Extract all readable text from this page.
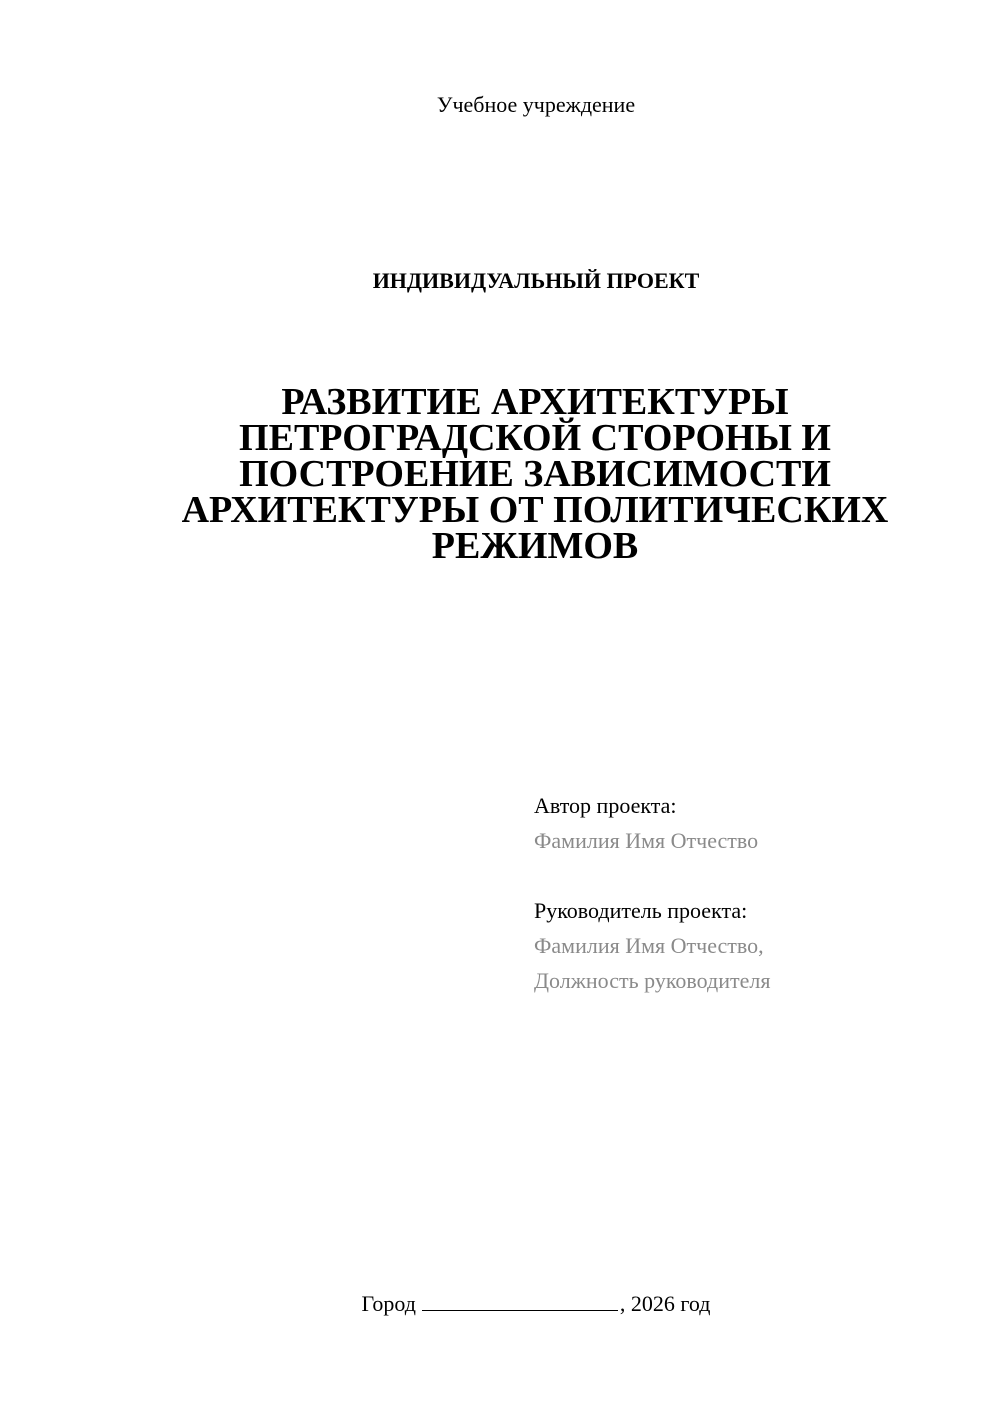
Учебное учреждение
ИНДИВИДУАЛЬНЫЙ ПРОЕКТ
РАЗВИТИЕ АРХИТЕКТУРЫ
ПЕТРОГРАДСКОЙ СТОРОНЫ И
ПОСТРОЕНИЕ ЗАВИСИМОСТИ
АРХИТЕКТУРЫ ОТ ПОЛИТИЧЕСКИХ
РЕЖИМОВ
Автор проекта:
Фамилия Имя Отчество
Руководитель проекта:
Фамилия Имя Отчество,
Должность руководителя
Город	, 2026 год
